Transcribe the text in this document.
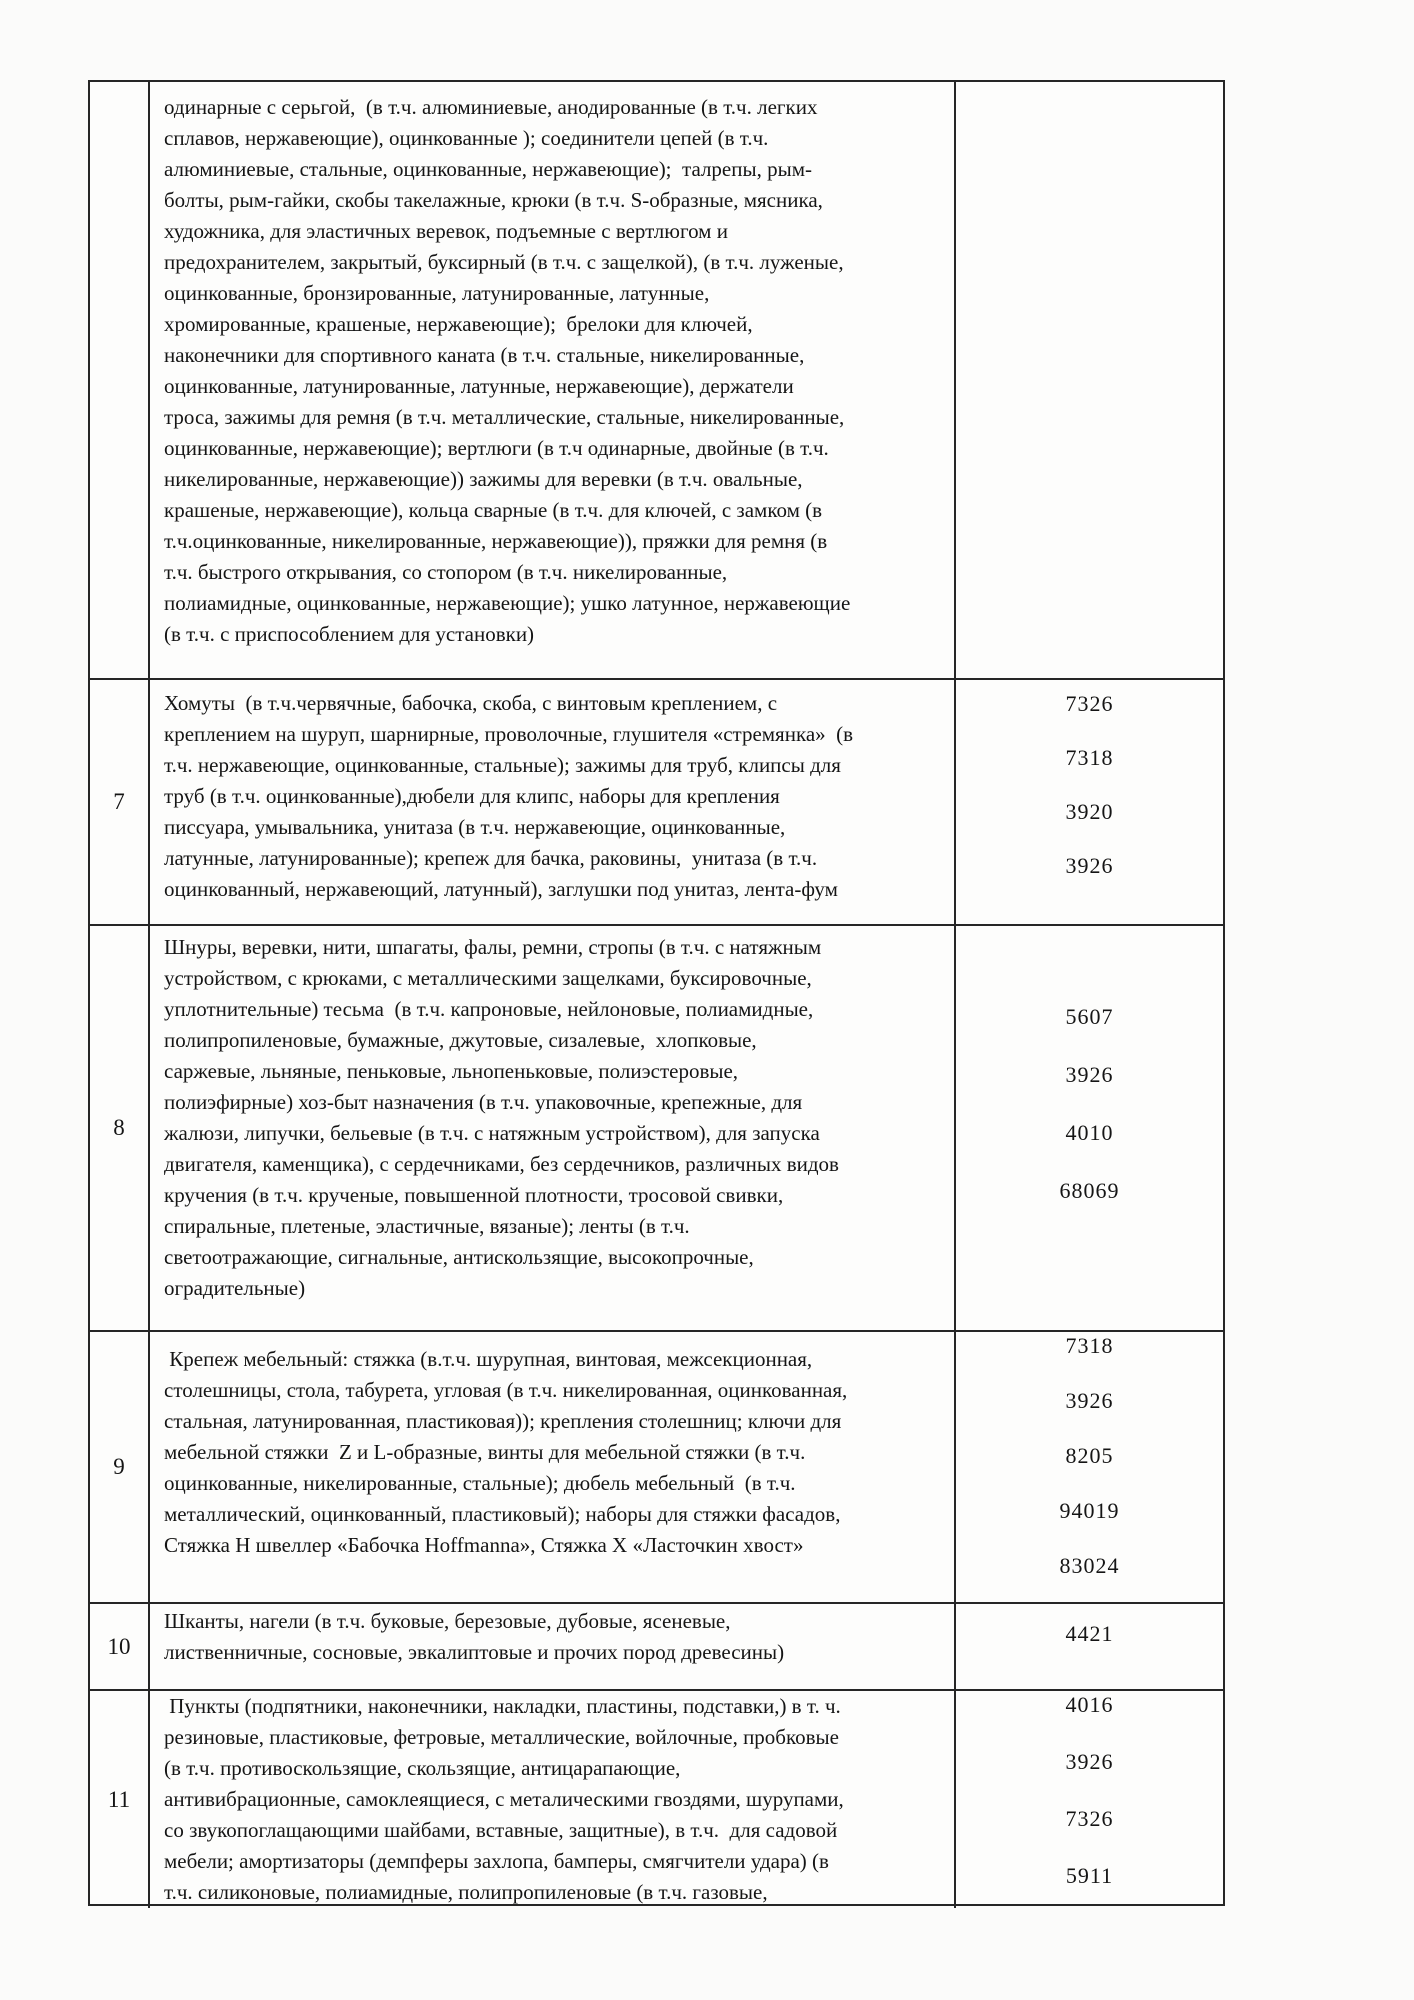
одинарные с серьгой,  (в т.ч. алюминиевые, анодированные (в т.ч. легких
сплавов, нержавеющие), оцинкованные ); соединители цепей (в т.ч.
алюминиевые, стальные, оцинкованные, нержавеющие);  талрепы, рым-
болты, рым-гайки, скобы такелажные, крюки (в т.ч. S-образные, мясника,
художника, для эластичных веревок, подъемные с вертлюгом и
предохранителем, закрытый, буксирный (в т.ч. с защелкой), (в т.ч. луженые,
оцинкованные, бронзированные, латунированные, латунные,
хромированные, крашеные, нержавеющие);  брелоки для ключей,
наконечники для спортивного каната (в т.ч. стальные, никелированные,
оцинкованные, латунированные, латунные, нержавеющие), держатели
троса, зажимы для ремня (в т.ч. металлические, стальные, никелированные,
оцинкованные, нержавеющие); вертлюги (в т.ч одинарные, двойные (в т.ч.
никелированные, нержавеющие)) зажимы для веревки (в т.ч. овальные,
крашеные, нержавеющие), кольца сварные (в т.ч. для ключей, с замком (в
т.ч.оцинкованные, никелированные, нержавеющие)), пряжки для ремня (в
т.ч. быстрого открывания, со стопором (в т.ч. никелированные,
полиамидные, оцинкованные, нержавеющие); ушко латунное, нержавеющие
(в т.ч. с приспособлением для установки)
7
Хомуты  (в т.ч.червячные, бабочка, скоба, с винтовым креплением, с
креплением на шуруп, шарнирные, проволочные, глушителя «стремянка»  (в
т.ч. нержавеющие, оцинкованные, стальные); зажимы для труб, клипсы для
труб (в т.ч. оцинкованные),дюбели для клипс, наборы для крепления
писсуара, умывальника, унитаза (в т.ч. нержавеющие, оцинкованные,
латунные, латунированные); крепеж для бачка, раковины,  унитаза (в т.ч.
оцинкованный, нержавеющий, латунный), заглушки под унитаз, лента-фум
7326
7318
3920
3926
8
Шнуры, веревки, нити, шпагаты, фалы, ремни, стропы (в т.ч. с натяжным
устройством, с крюками, с металлическими защелками, буксировочные,
уплотнительные) тесьма  (в т.ч. капроновые, нейлоновые, полиамидные,
полипропиленовые, бумажные, джутовые, сизалевые,  хлопковые,
саржевые, льняные, пеньковые, льнопеньковые, полиэстеровые,
полиэфирные) хоз-быт назначения (в т.ч. упаковочные, крепежные, для
жалюзи, липучки, бельевые (в т.ч. с натяжным устройством), для запуска
двигателя, каменщика), с сердечниками, без сердечников, различных видов
кручения (в т.ч. крученые, повышенной плотности, тросовой свивки,
спиральные, плетеные, эластичные, вязаные); ленты (в т.ч.
светоотражающие, сигнальные, антискользящие, высокопрочные,
оградительные)
5607
3926
4010
68069
9
Крепеж мебельный: стяжка (в.т.ч. шурупная, винтовая, межсекционная,
столешницы, стола, табурета, угловая (в т.ч. никелированная, оцинкованная,
стальная, латунированная, пластиковая)); крепления столешниц; ключи для
мебельной стяжки  Z и L-образные, винты для мебельной стяжки (в т.ч.
оцинкованные, никелированные, стальные); дюбель мебельный  (в т.ч.
металлический, оцинкованный, пластиковый); наборы для стяжки фасадов,
Стяжка Н швеллер «Бабочка Hoffmanna», Стяжка Х «Ласточкин хвост»
7318
3926
8205
94019
83024
10
Шканты, нагели (в т.ч. буковые, березовые, дубовые, ясеневые,
лиственничные, сосновые, эвкалиптовые и прочих пород древесины)
4421
11
Пункты (подпятники, наконечники, накладки, пластины, подставки,) в т. ч.
резиновые, пластиковые, фетровые, металлические, войлочные, пробковые
(в т.ч. противоскользящие, скользящие, антицарапающие,
антивибрационные, самоклеящиеся, с металическими гвоздями, шурупами,
со звукопоглащающими шайбами, вставные, защитные), в т.ч.  для садовой
мебели; амортизаторы (демпферы захлопа, бамперы, смягчители удара) (в
т.ч. силиконовые, полиамидные, полипропиленовые (в т.ч. газовые,
4016
3926
7326
5911
